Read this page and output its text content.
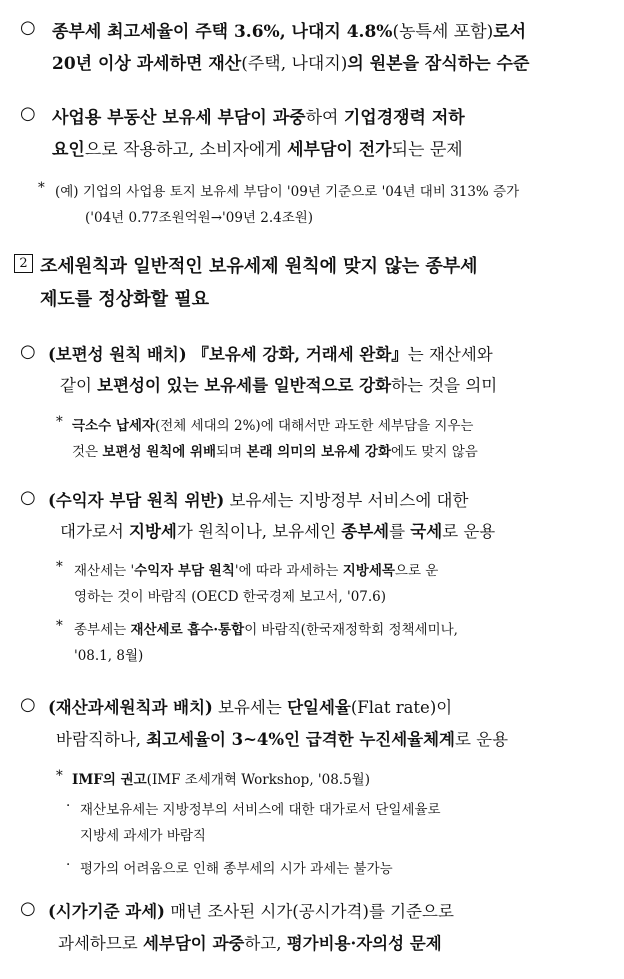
○ 종부세 최고세율이 주택 3.6%, 나대지 4.8%(농특세 포함)로서
20년 이상 과세하면 재산(주택, 나대지)의 원본을 잠식하는 수준
○ 사업용 부동산 보유세 부담이 과중하여 기업경쟁력 저하
요인으로 작용하고, 소비자에게 세부담이 전가되는 문제
* (예) 기업의 사업용 토지 보유세 부담이 '09년 기준으로 '04년 대비 313% 증가
('04년 0.77조원억원→'09년 2.4조원)
2 조세원칙과 일반적인 보유세제 원칙에 맞지 않는 종부세
제도를 정상화할 필요
○ (보편성 원칙 배치) 『보유세 강화, 거래세 완화』는 재산세와
같이 보편성이 있는 보유세를 일반적으로 강화하는 것을 의미
* 극소수 납세자(전체 세대의 2%)에 대해서만 과도한 세부담을 지우는
것은 보편성 원칙에 위배되며 본래 의미의 보유세 강화에도 맞지 않음
○ (수익자 부담 원칙 위반) 보유세는 지방정부 서비스에 대한
대가로서 지방세가 원칙이나, 보유세인 종부세를 국세로 운용
* 재산세는 '수익자 부담 원칙'에 따라 과세하는 지방세목으로 운
영하는 것이 바람직 (OECD 한국경제 보고서, '07.6)
* 종부세는 재산세로 흡수·통합이 바람직(한국재정학회 정책세미나,
'08.1, 8월)
○ (재산과세원칙과 배치) 보유세는 단일세율(Flat rate)이
바람직하나, 최고세율이 3~4%인 급격한 누진세율체계로 운용
* IMF의 권고(IMF 조세개혁 Workshop, '08.5월)
· 재산보유세는 지방정부의 서비스에 대한 대가로서 단일세율로
지방세 과세가 바람직
· 평가의 어려움으로 인해 종부세의 시가 과세는 불가능
○ (시가기준 과세) 매년 조사된 시가(공시가격)를 기준으로
과세하므로 세부담이 과중하고, 평가비용·자의성 문제
